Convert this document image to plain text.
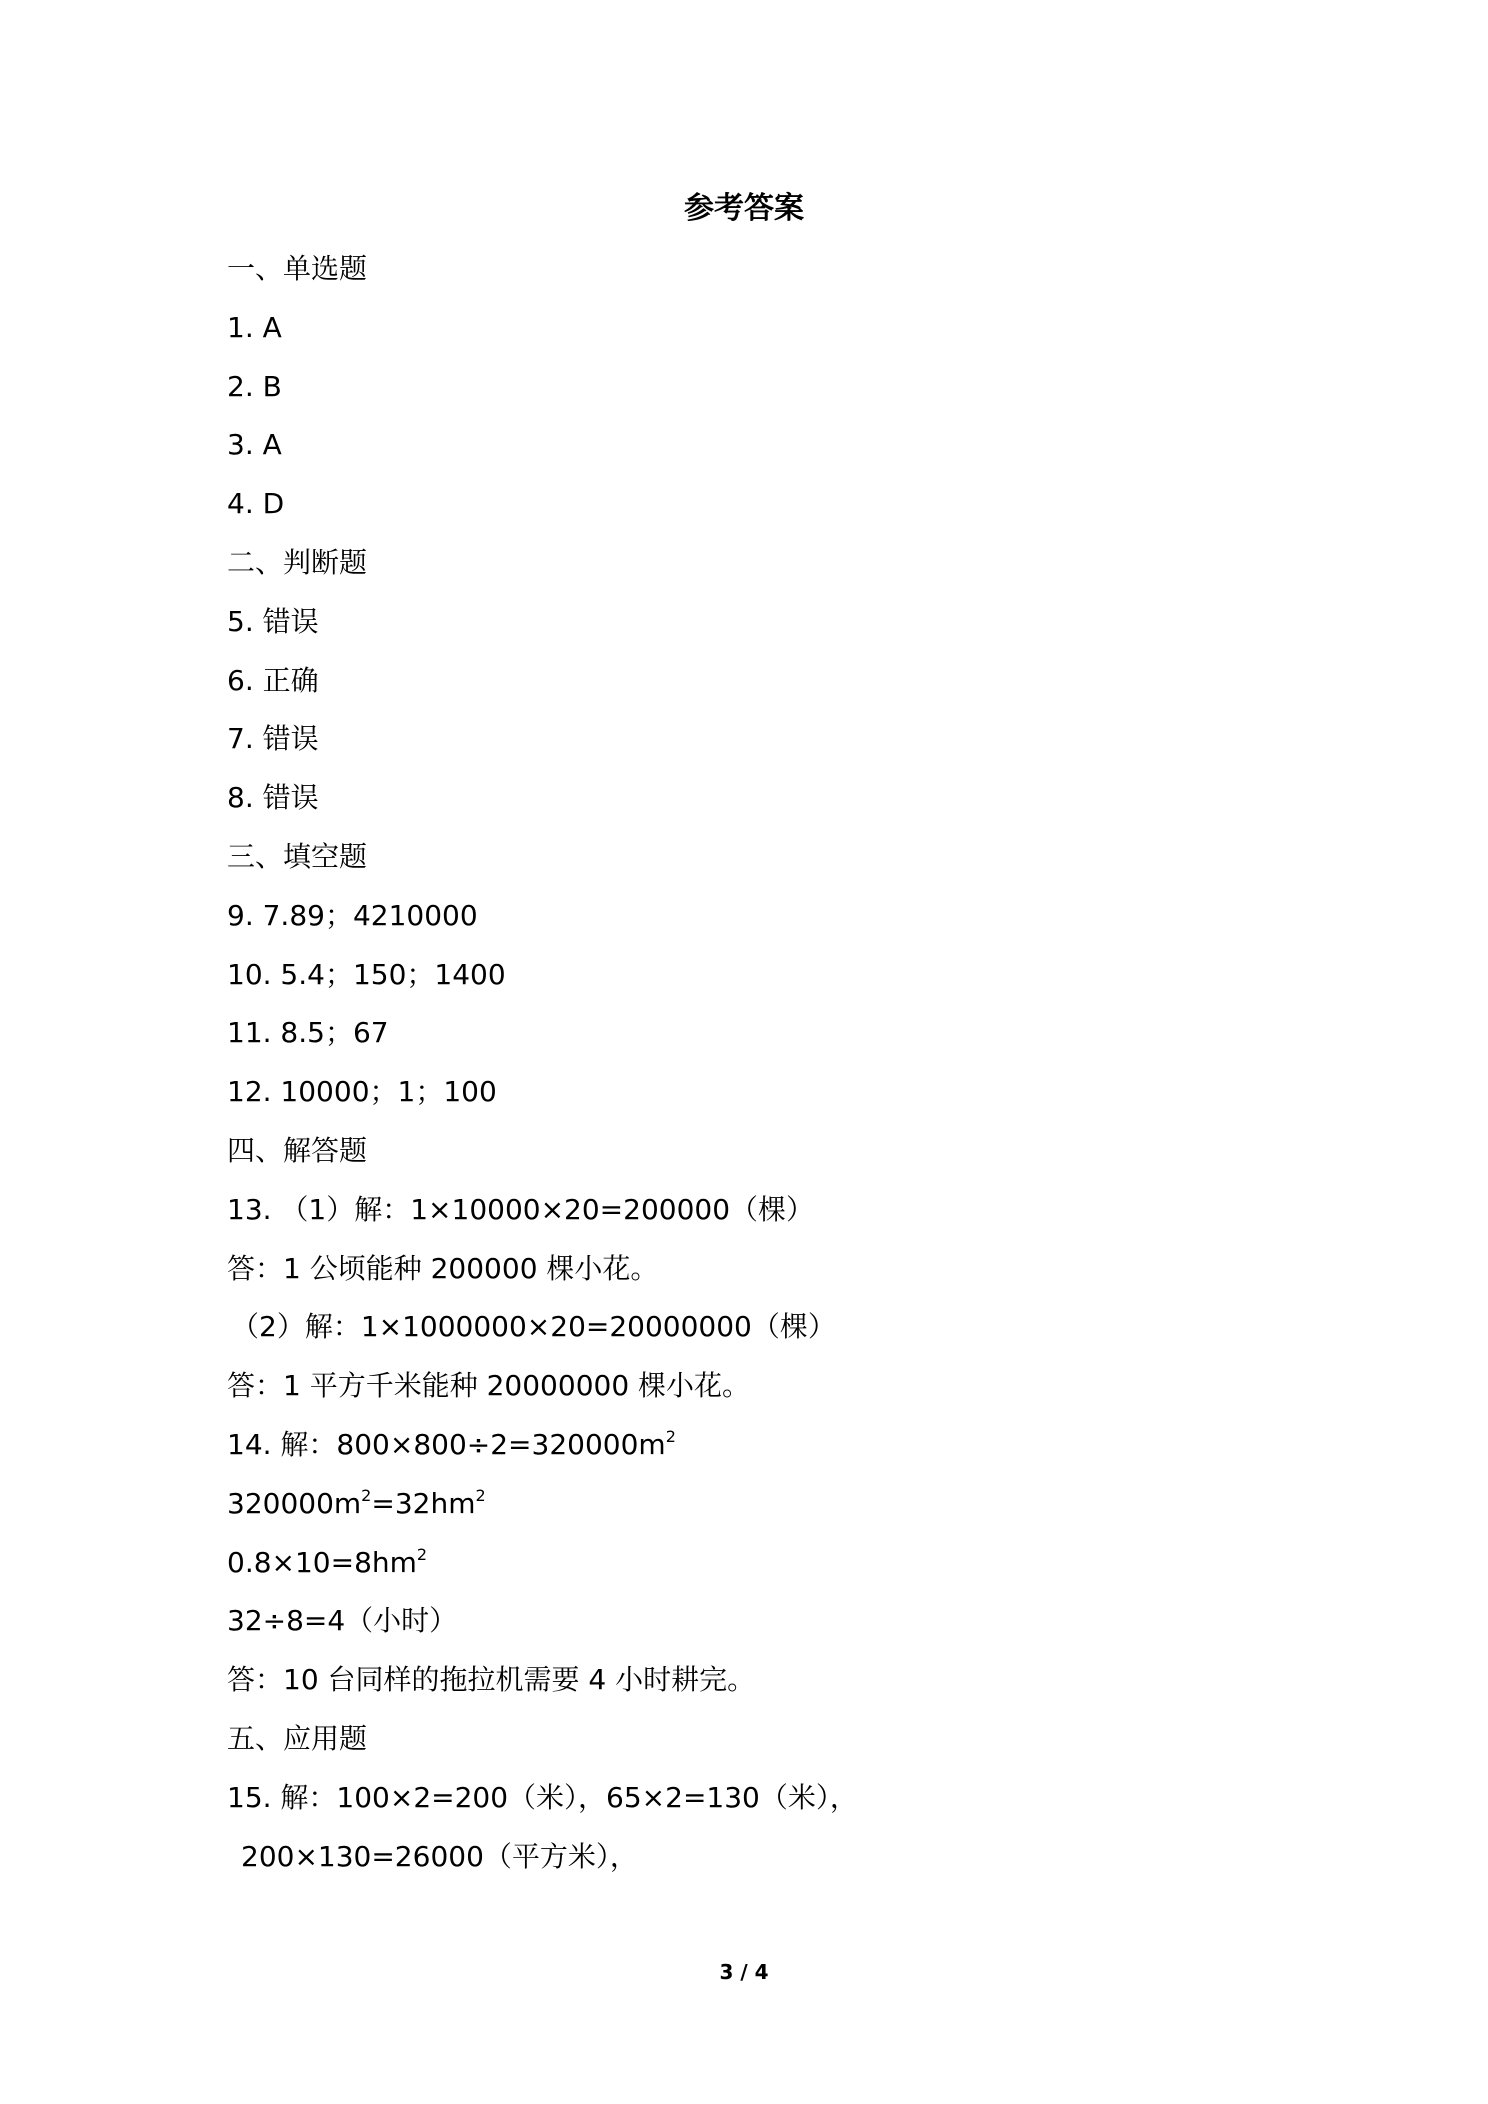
参考答案
一、单选题
1. A
2. B
3. A
4. D
二、判断题
5. 错误
6. 正确
7. 错误
8. 错误
三、填空题
9. 7.89；4210000
10. 5.4；150；1400
11. 8.5；67
12. 10000；1；100
四、解答题
13. （1）解：1×10000×20=200000（棵）
答：1 公顷能种 200000 棵小花。
（2）解：1×1000000×20=20000000（棵）
答：1 平方千米能种 20000000 棵小花。
14. 解：$800\times 800\div 2=320000m^2$
$320000m^2=32hm^2$
$0.8\times 10=8hm^2$
32÷8=4（小时）
答：10 台同样的拖拉机需要 4 小时耕完。
五、应用题
15. 解：100×2=200（米），65×2=130（米），
200×130=26000（平方米），
3 / 4
